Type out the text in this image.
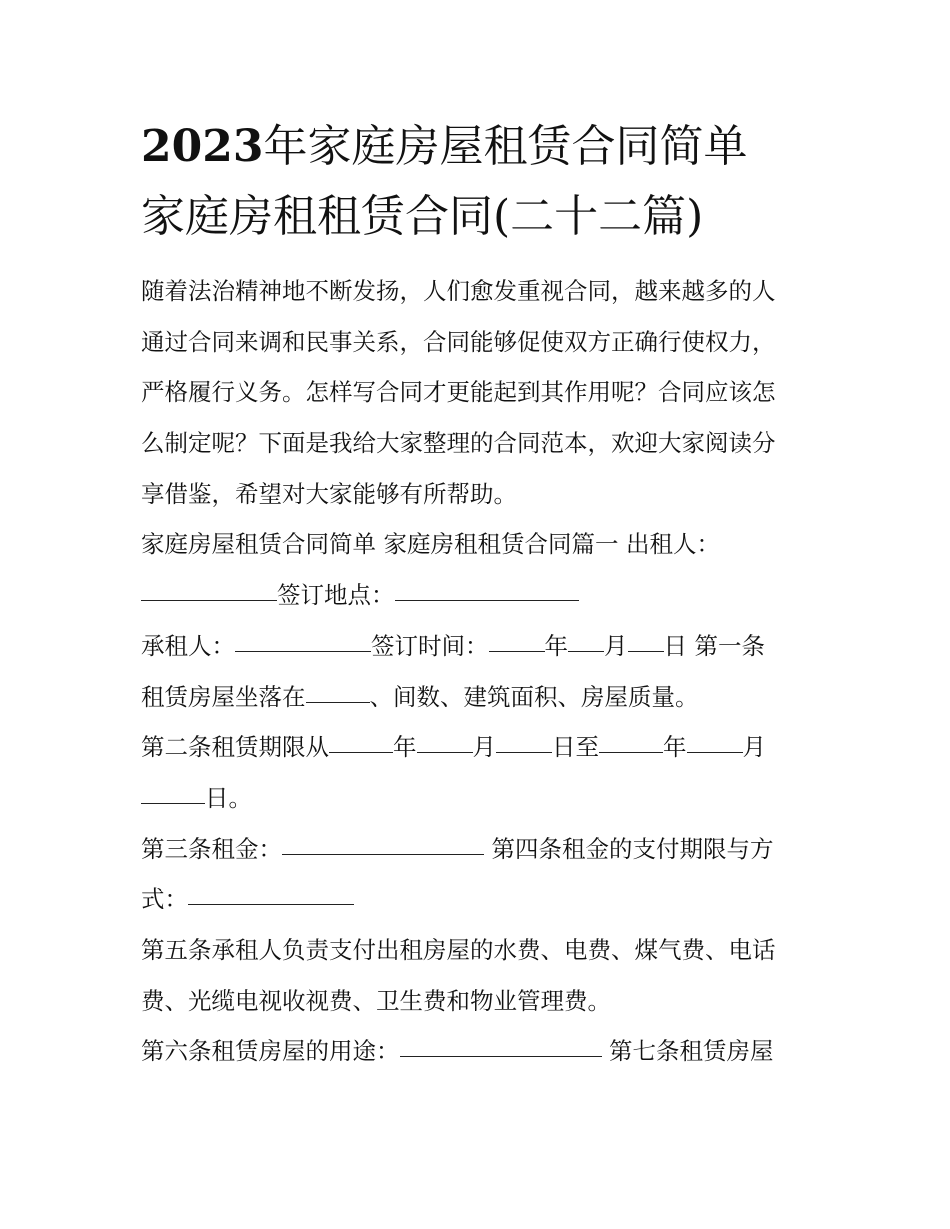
2023年家庭房屋租赁合同简单
家庭房租租赁合同(二十二篇)
随着法治精神地不断发扬，人们愈发重视合同，越来越多的人
通过合同来调和民事关系，合同能够促使双方正确行使权力，
严格履行义务。怎样写合同才更能起到其作用呢？合同应该怎
么制定呢？下面是我给大家整理的合同范本，欢迎大家阅读分
享借鉴，希望对大家能够有所帮助。
家庭房屋租赁合同简单 家庭房租租赁合同篇一 出租人：
签订地点：
承租人：	签订时间： 年 月 日 第一条
租赁房屋坐落在	、间数、建筑面积、房屋质量。
第二条租赁期限从	年 月 日至	年 月
日。
第三条租金：	第四条租金的支付期限与方
式：
第五条承租人负责支付出租房屋的水费、电费、煤气费、电话
费、光缆电视收视费、卫生费和物业管理费。
第六条租赁房屋的用途：	第七条租赁房屋
